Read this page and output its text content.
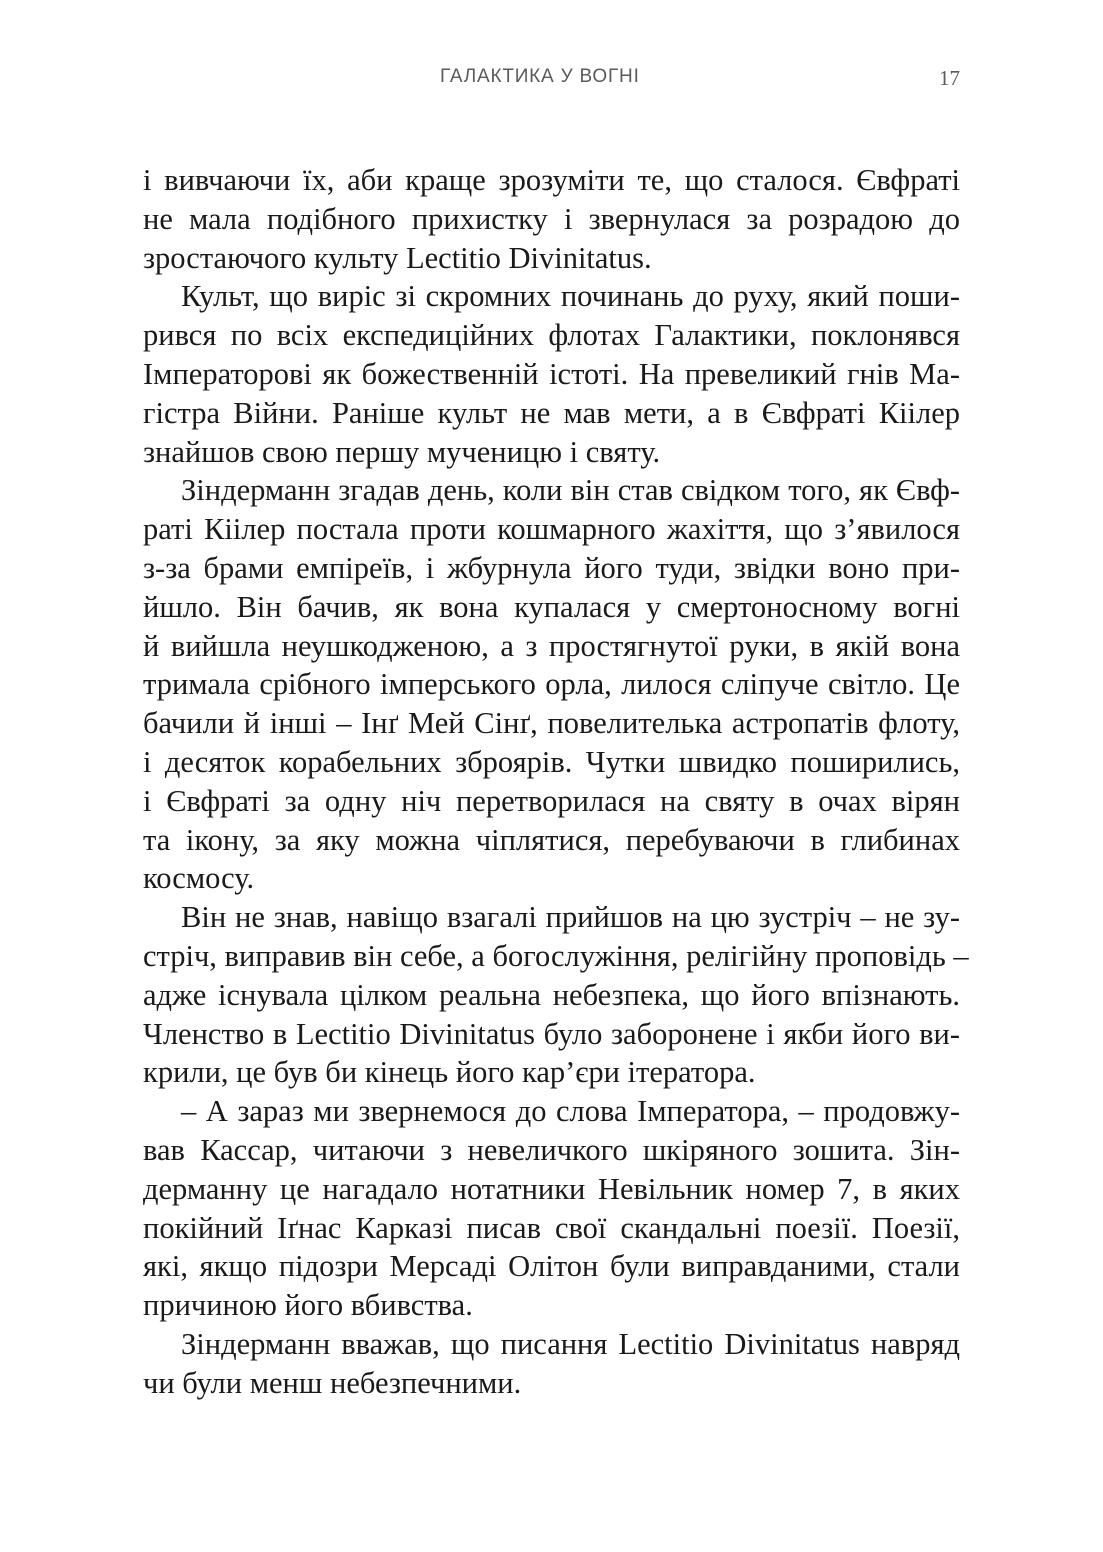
ГАЛАКТИКА У ВОГНІ	17
і вивчаючи їх, аби краще зрозуміти те, що сталося. Євфраті
не мала подібного прихистку і звернулася за розрадою до
зростаючого культу Lectitio Divinitatus.
Культ, що виріс зі скромних починань до руху, який поши-
рився по всіх експедиційних флотах Галактики, поклонявся
Імператорові як божественній істоті. На превеликий гнів Ма-
гістра Війни. Раніше культ не мав мети, а в Євфраті Кіілер
знайшов свою першу мученицю і святу.
Зіндерманн згадав день, коли він став свідком того, як Євф-
раті Кіілер постала проти кошмарного жахіття, що з’явилося
з-за брами емпіреїв, і жбурнула його туди, звідки воно при-
йшло. Він бачив, як вона купалася у смертоносному вогні
й вийшла неушкодженою, а з простягнутої руки, в якій вона
тримала срібного імперського орла, лилося сліпуче світло. Це
бачили й інші – Інґ Мей Сінґ, повелителька астропатів флоту,
і десяток корабельних зброярів. Чутки швидко поширились,
і Євфраті за одну ніч перетворилася на святу в очах вірян
та ікону, за яку можна чіплятися, перебуваючи в глибинах
космосу.
Він не знав, навіщо взагалі прийшов на цю зустріч – не зу-
стріч, виправив він себе, а богослужіння, релігійну проповідь –
адже існувала цілком реальна небезпека, що його впізнають.
Членство в Lectitio Divinitatus було заборонене і якби його ви-
крили, це був би кінець його кар’єри ітератора.
– А зараз ми звернемося до слова Імператора, – продовжу-
вав Кассар, читаючи з невеличкого шкіряного зошита. Зін-
дерманну це нагадало нотатники Невільник номер 7, в яких
покійний Іґнас Карказі писав свої скандальні поезії. Поезії,
які, якщо підозри Мерсаді Олітон були виправданими, стали
причиною його вбивства.
Зіндерманн вважав, що писання Lectitio Divinitatus навряд
чи були менш небезпечними.
